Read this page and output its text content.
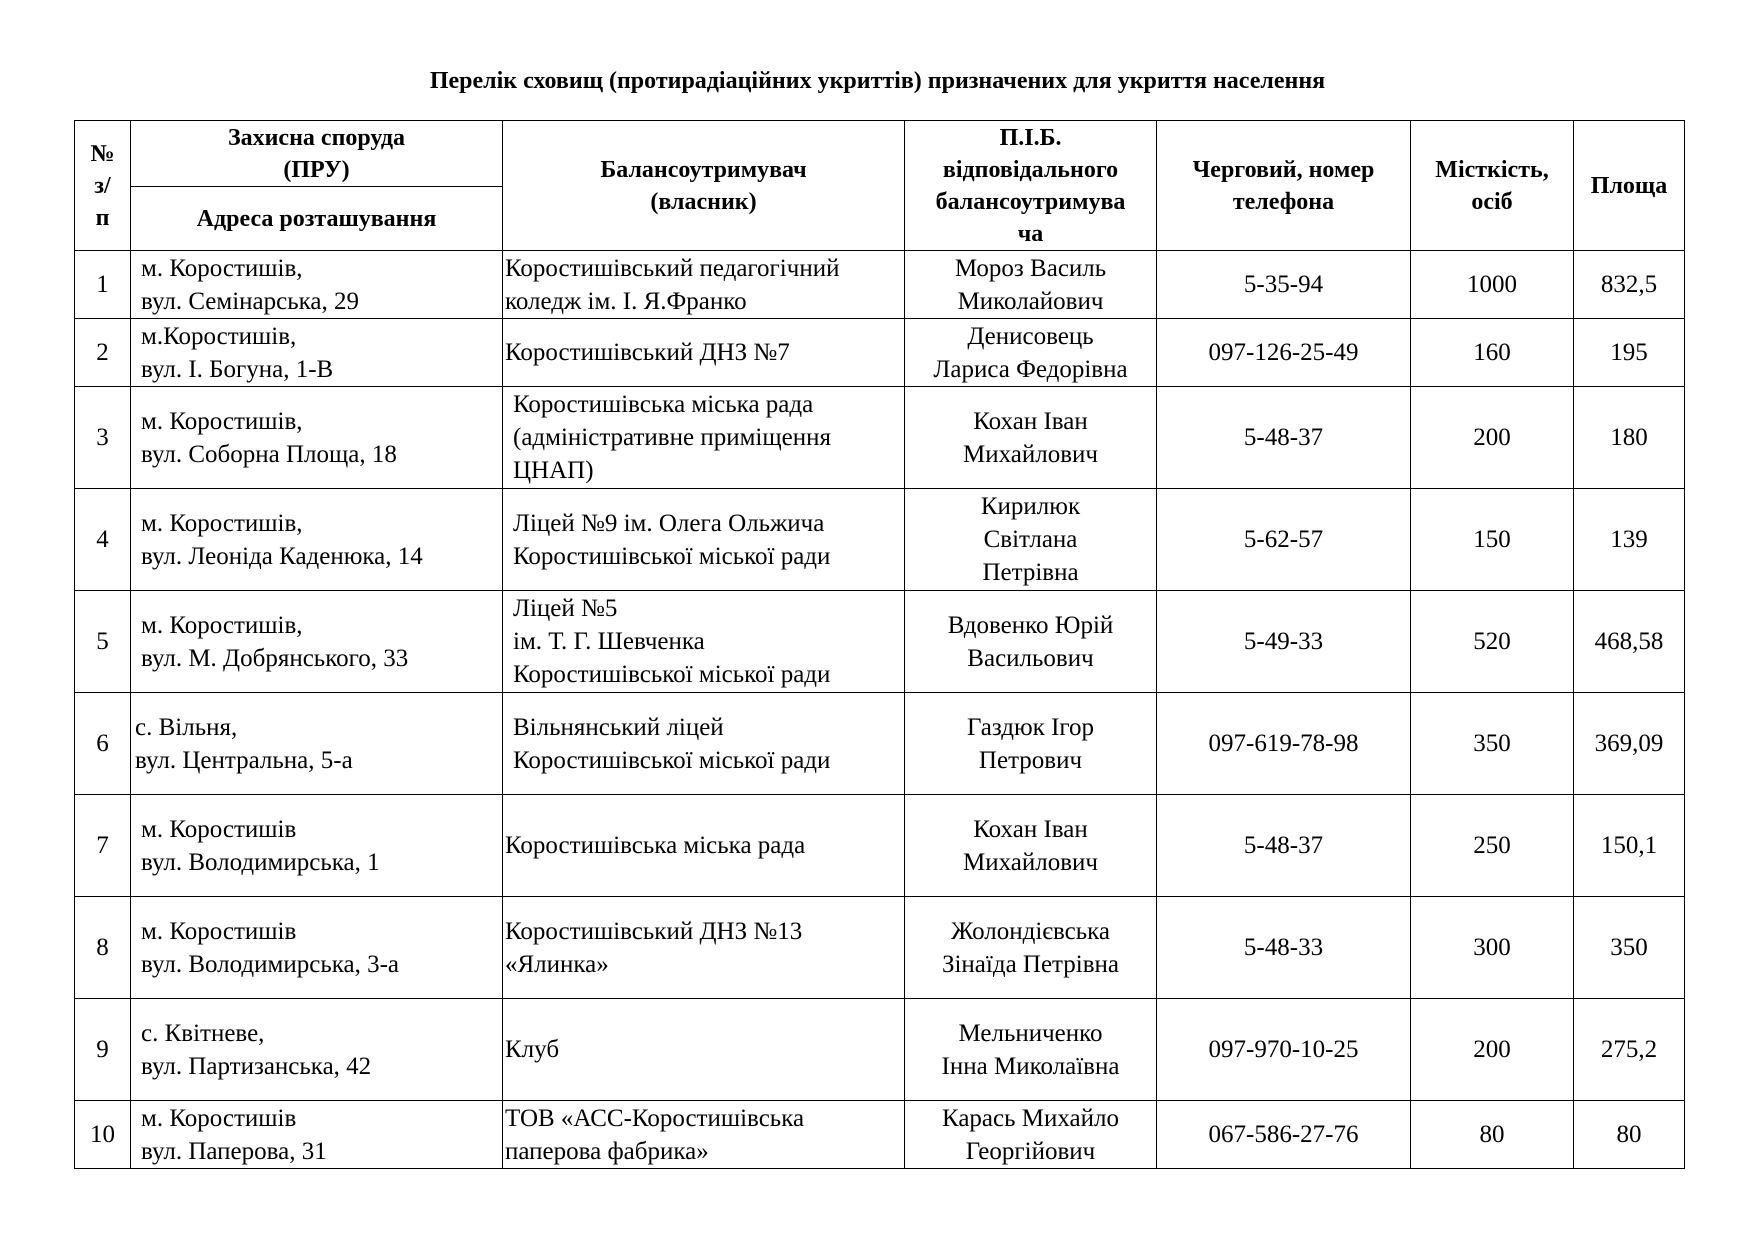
Перелік сховищ (протирадіаційних укриттів) призначених для укриття населення
№
з/
п	Захисна споруда
(ПРУ)	Балансоутримувач
(власник)	П.І.Б.
відповідального
балансоутримува
ча	Черговий, номер
телефона	Місткість,
осіб	Площа

	Адреса розташування					

1	м. Коростишів,
вул. Семінарська, 29	Коростишівський педагогічний
коледж ім. І. Я.Франко	Мороз Василь
Миколайович	5-35-94	1000	832,5
2	м.Коростишів,
вул. І. Богуна, 1-В	Коростишівський ДНЗ №7	Денисовець
Лариса Федорівна	097-126-25-49	160	195
3	м. Коростишів,
вул. Соборна Площа, 18	Коростишівська міська рада
(адміністративне приміщення
ЦНАП)	Кохан Іван
Михайлович	5-48-37	200	180
4	м. Коростишів,
вул. Леоніда Каденюка, 14	Ліцей №9 ім. Олега Ольжича
Коростишівської міської ради	Кирилюк
Світлана
Петрівна	5-62-57	150	139
5	м. Коростишів,
вул. М. Добрянського, 33	Ліцей №5
ім. Т. Г. Шевченка
Коростишівської міської ради	Вдовенко Юрій
Васильович	5-49-33	520	468,58
6	с. Вільня,
вул. Центральна, 5-а	Вільнянський ліцей
Коростишівської міської ради	Газдюк Ігор
Петрович	097-619-78-98	350	369,09
7	м. Коростишів
вул. Володимирська, 1	Коростишівська міська рада	Кохан Іван
Михайлович	5-48-37	250	150,1
8	м. Коростишів
вул. Володимирська, 3-а	Коростишівський ДНЗ №13
«Ялинка»	Жолондієвська
Зінаїда Петрівна	5-48-33	300	350
9	с. Квітневе,
вул. Партизанська, 42	Клуб	Мельниченко
Інна Миколаївна	097-970-10-25	200	275,2
10	м. Коростишів
вул. Паперова, 31	ТОВ «АСС-Коростишівська
паперова фабрика»	Карась Михайло
Георгійович	067-586-27-76	80	80
